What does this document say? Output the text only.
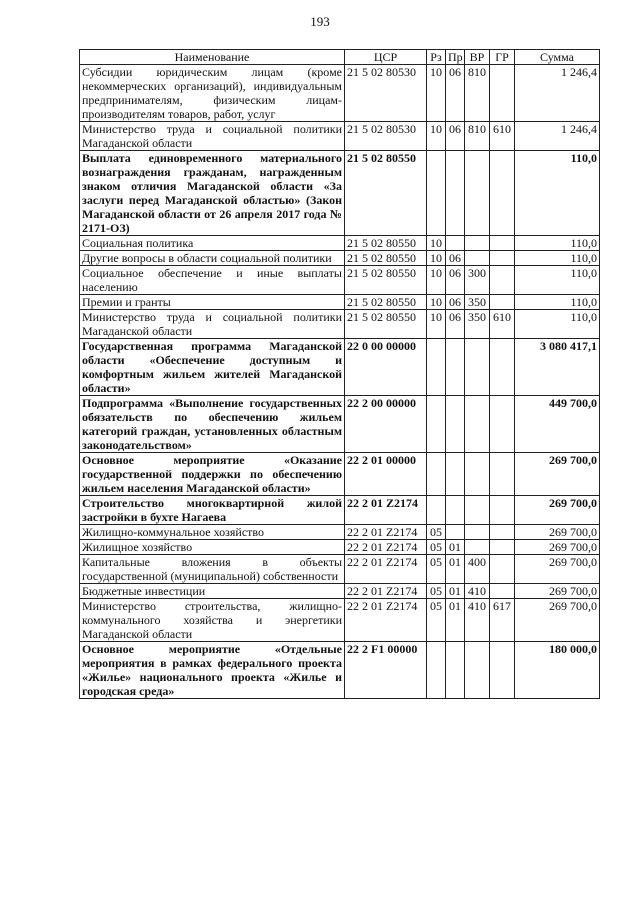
193
Наименование	ЦСР	Рз	Пр	ВР	ГР	Сумма
Субсидии юридическим лицам (кроме некоммерческих организаций), индивидуальным предпринимателям, физическим лицам-производителям товаров, работ, услуг	21 5 02 80530	10	06	810		1 246,4
Министерство труда и социальной политики Магаданской области	21 5 02 80530	10	06	810	610	1 246,4
Выплата единовременного материального вознаграждения гражданам, награжденным знаком отличия Магаданской области «За заслуги перед Магаданской областью» (Закон Магаданской области от 26 апреля 2017 года № 2171-ОЗ)	21 5 02 80550					110,0
Социальная политика	21 5 02 80550	10				110,0
Другие вопросы в области социальной политики	21 5 02 80550	10	06			110,0
Социальное обеспечение и иные выплаты населению	21 5 02 80550	10	06	300		110,0
Премии и гранты	21 5 02 80550	10	06	350		110,0
Министерство труда и социальной политики Магаданской области	21 5 02 80550	10	06	350	610	110,0
Государственная программа Магаданской области «Обеспечение доступным и комфортным жильем жителей Магаданской области»	22 0 00 00000					3 080 417,1
Подпрограмма «Выполнение государственных обязательств по обеспечению жильем категорий граждан, установленных областным законодательством»	22 2 00 00000					449 700,0
Основное мероприятие «Оказание государственной поддержки по обеспечению жильем населения Магаданской области»	22 2 01 00000					269 700,0
Строительство многоквартирной жилой застройки в бухте Нагаева	22 2 01 Z2174					269 700,0
Жилищно-коммунальное хозяйство	22 2 01 Z2174	05				269 700,0
Жилищное хозяйство	22 2 01 Z2174	05	01			269 700,0
Капитальные вложения в объекты государственной (муниципальной) собственности	22 2 01 Z2174	05	01	400		269 700,0
Бюджетные инвестиции	22 2 01 Z2174	05	01	410		269 700,0
Министерство строительства, жилищно-коммунального хозяйства и энергетики Магаданской области	22 2 01 Z2174	05	01	410	617	269 700,0
Основное мероприятие «Отдельные мероприятия в рамках федерального проекта «Жилье» национального проекта «Жилье и городская среда»	22 2 F1 00000					180 000,0
